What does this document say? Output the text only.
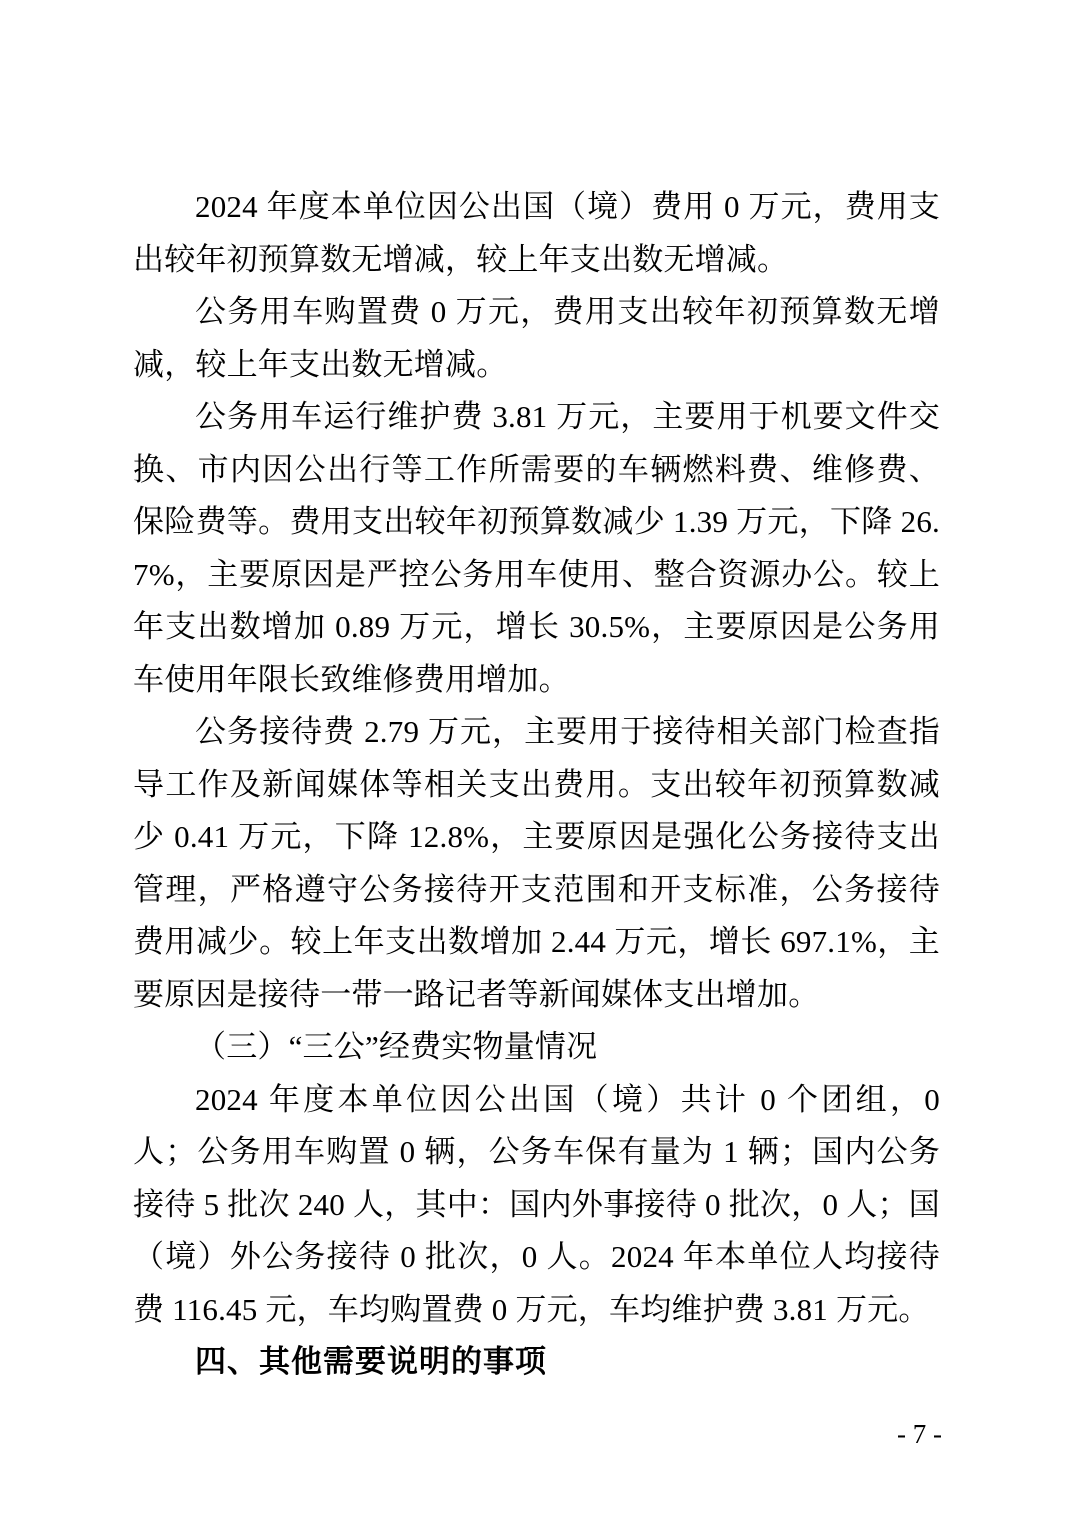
2024 年度本单位因公出国（境）费用 0 万元，费用支出较年初预算数无增减，较上年支出数无增减。

公务用车购置费 0 万元，费用支出较年初预算数无增减，较上年支出数无增减。

公务用车运行维护费 3.81 万元，主要用于机要文件交换、市内因公出行等工作所需要的车辆燃料费、维修费、保险费等。费用支出较年初预算数减少 1.39 万元，下降 26.7%，主要原因是严控公务用车使用、整合资源办公。较上年支出数增加 0.89 万元，增长 30.5%，主要原因是公务用车使用年限长致维修费用增加。

公务接待费 2.79 万元，主要用于接待相关部门检查指导工作及新闻媒体等相关支出费用。支出较年初预算数减少 0.41 万元，下降 12.8%，主要原因是强化公务接待支出管理，严格遵守公务接待开支范围和开支标准，公务接待费用减少。较上年支出数增加 2.44 万元，增长 697.1%，主要原因是接待一带一路记者等新闻媒体支出增加。

（三）“三公”经费实物量情况

2024 年度本单位因公出国（境）共计 0 个团组，0 人；公务用车购置 0 辆，公务车保有量为 1 辆；国内公务接待 5 批次 240 人，其中：国内外事接待 0 批次，0 人；国（境）外公务接待 0 批次，0 人。2024 年本单位人均接待费 116.45 元，车均购置费 0 万元，车均维护费 3.81 万元。

四、其他需要说明的事项

- 7 -
